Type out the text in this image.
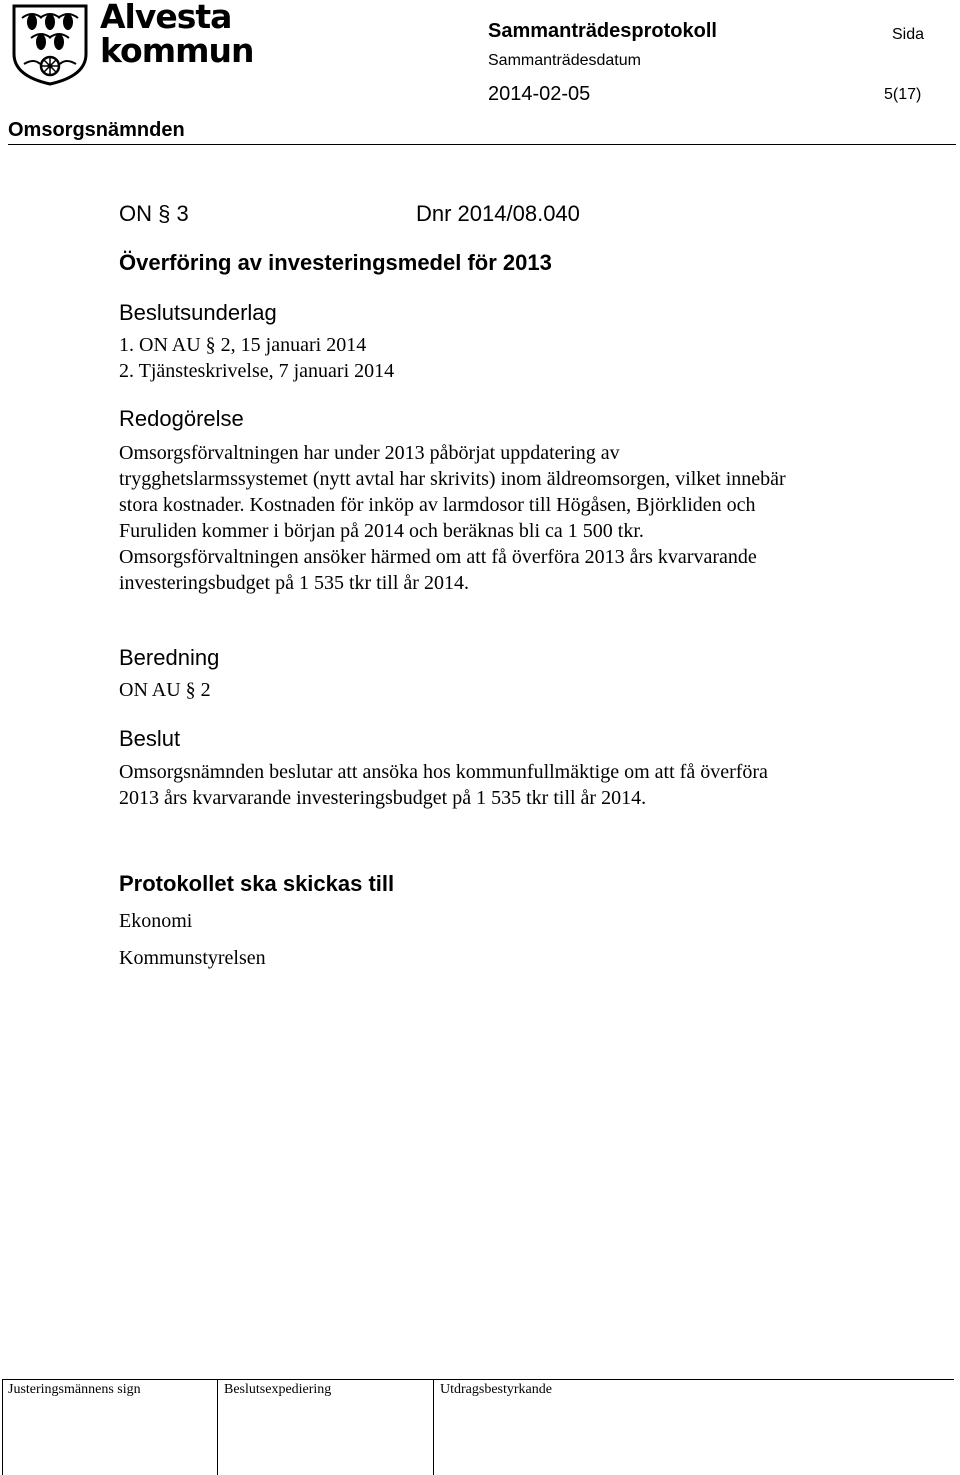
Alvesta
kommun	Sammanträdesprotokoll
Sammanträdesdatum
2014-02-05
Sida
5(17)
Omsorgsnämnden
ON § 3	Dnr 2014/08.040
Överföring av investeringsmedel för 2013
Beslutsunderlag
1. ON AU § 2, 15 januari 2014
2. Tjänsteskrivelse, 7 januari 2014
Redogörelse
Omsorgsförvaltningen har under 2013 påbörjat uppdatering av trygghetslarmssystemet (nytt avtal har skrivits) inom äldreomsorgen, vilket innebär stora kostnader. Kostnaden för inköp av larmdosor till Högåsen, Björkliden och Furuliden kommer i början på 2014 och beräknas bli ca 1 500 tkr. Omsorgsförvaltningen ansöker härmed om att få överföra 2013 års kvarvarande investeringsbudget på 1 535 tkr till år 2014.
Beredning
ON AU § 2
Beslut
Omsorgsnämnden beslutar att ansöka hos kommunfullmäktige om att få överföra 2013 års kvarvarande investeringsbudget på 1 535 tkr till år 2014.
Protokollet ska skickas till
Ekonomi
Kommunstyrelsen
Justeringsmännens sign	Beslutsexpediering	Utdragsbestyrkande
